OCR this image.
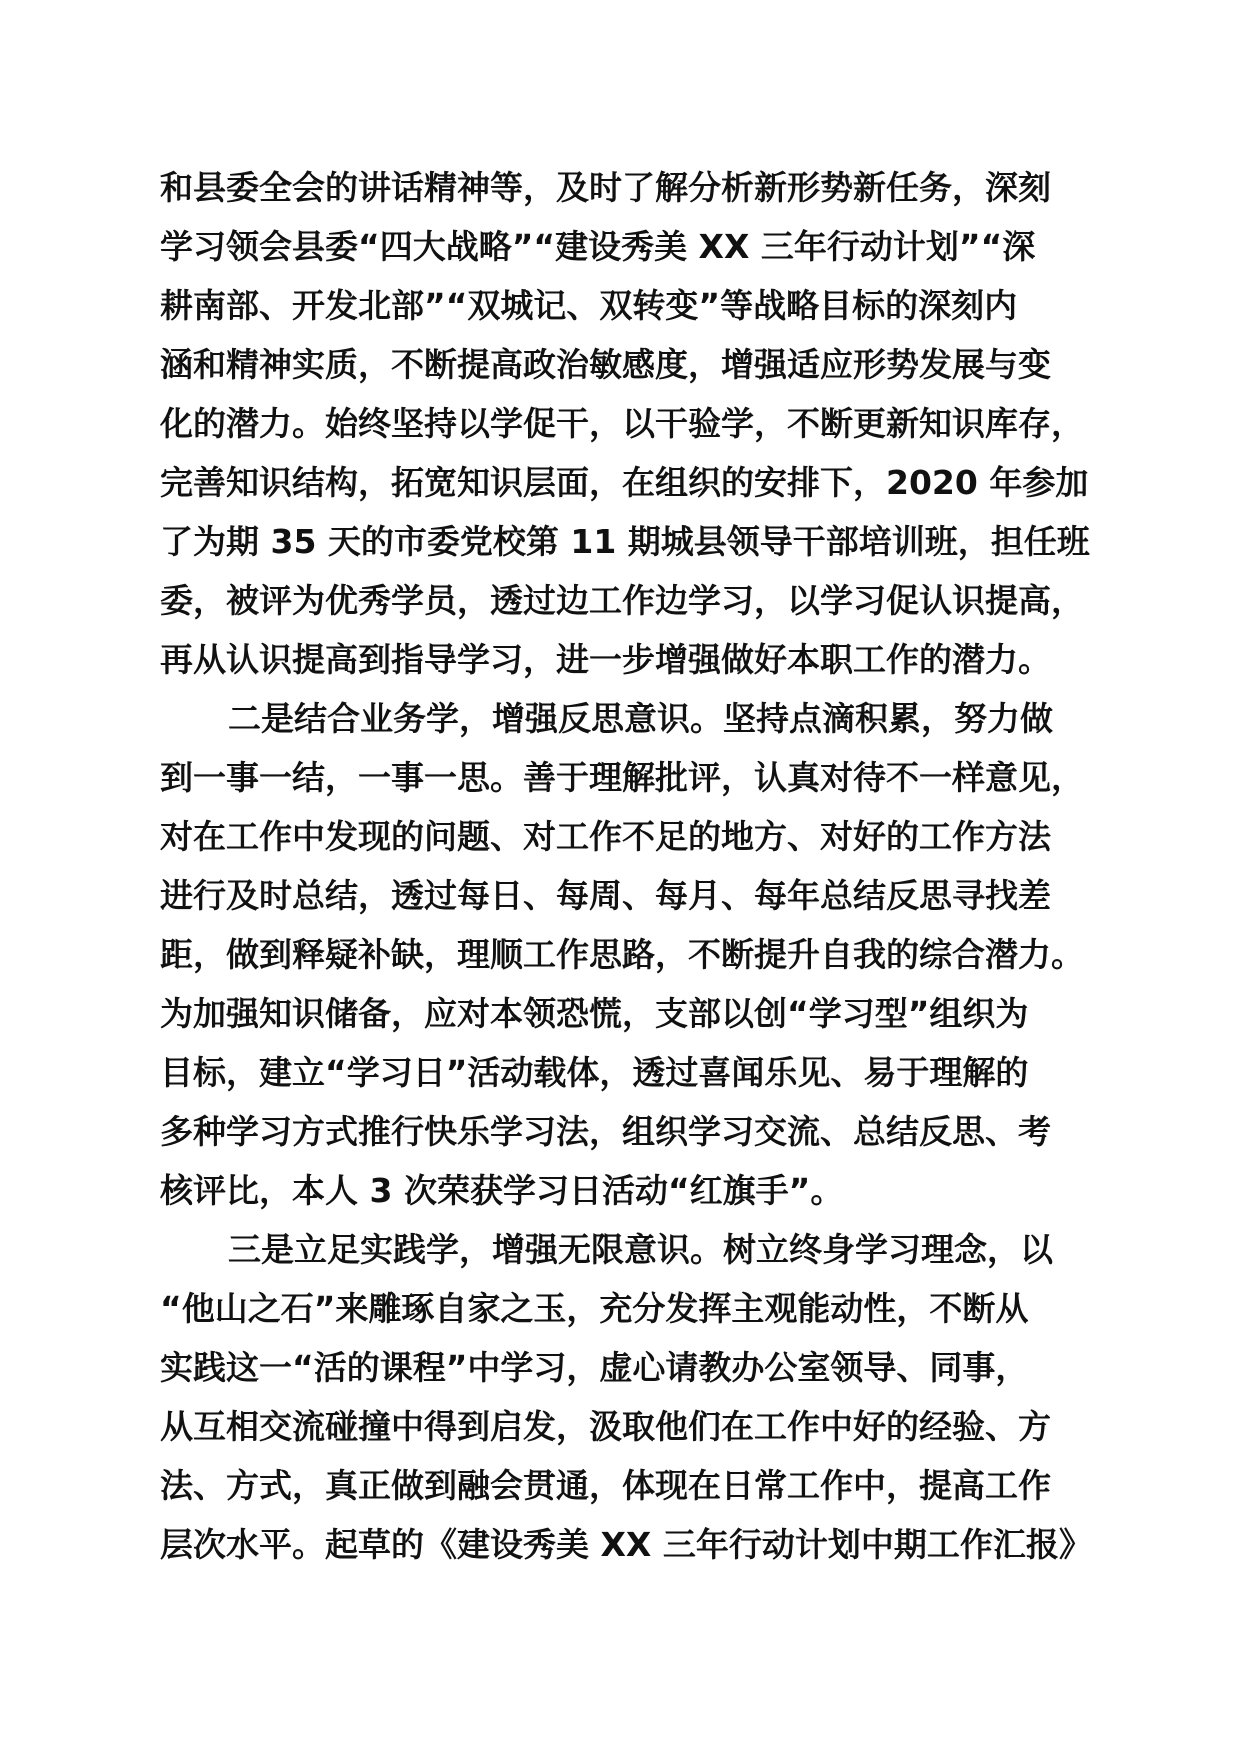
和县委全会的讲话精神等，及时了解分析新形势新任务，深刻
学习领会县委“四大战略”“建设秀美 XX 三年行动计划”“深
耕南部、开发北部”“双城记、双转变”等战略目标的深刻内
涵和精神实质，不断提高政治敏感度，增强适应形势发展与变
化的潜力。始终坚持以学促干，以干验学，不断更新知识库存，
完善知识结构，拓宽知识层面，在组织的安排下，2020 年参加
了为期 35 天的市委党校第 11 期城县领导干部培训班，担任班
委，被评为优秀学员，透过边工作边学习，以学习促认识提高，
再从认识提高到指导学习，进一步增强做好本职工作的潜力。
二是结合业务学，增强反思意识。坚持点滴积累，努力做
到一事一结，一事一思。善于理解批评，认真对待不一样意见，
对在工作中发现的问题、对工作不足的地方、对好的工作方法
进行及时总结，透过每日、每周、每月、每年总结反思寻找差
距，做到释疑补缺，理顺工作思路，不断提升自我的综合潜力。
为加强知识储备，应对本领恐慌，支部以创“学习型”组织为
目标，建立“学习日”活动载体，透过喜闻乐见、易于理解的
多种学习方式推行快乐学习法，组织学习交流、总结反思、考
核评比，本人 3 次荣获学习日活动“红旗手”。
三是立足实践学，增强无限意识。树立终身学习理念，以
“他山之石”来雕琢自家之玉，充分发挥主观能动性，不断从
实践这一“活的课程”中学习，虚心请教办公室领导、同事，
从互相交流碰撞中得到启发，汲取他们在工作中好的经验、方
法、方式，真正做到融会贯通，体现在日常工作中，提高工作
层次水平。起草的《建设秀美 XX 三年行动计划中期工作汇报》
